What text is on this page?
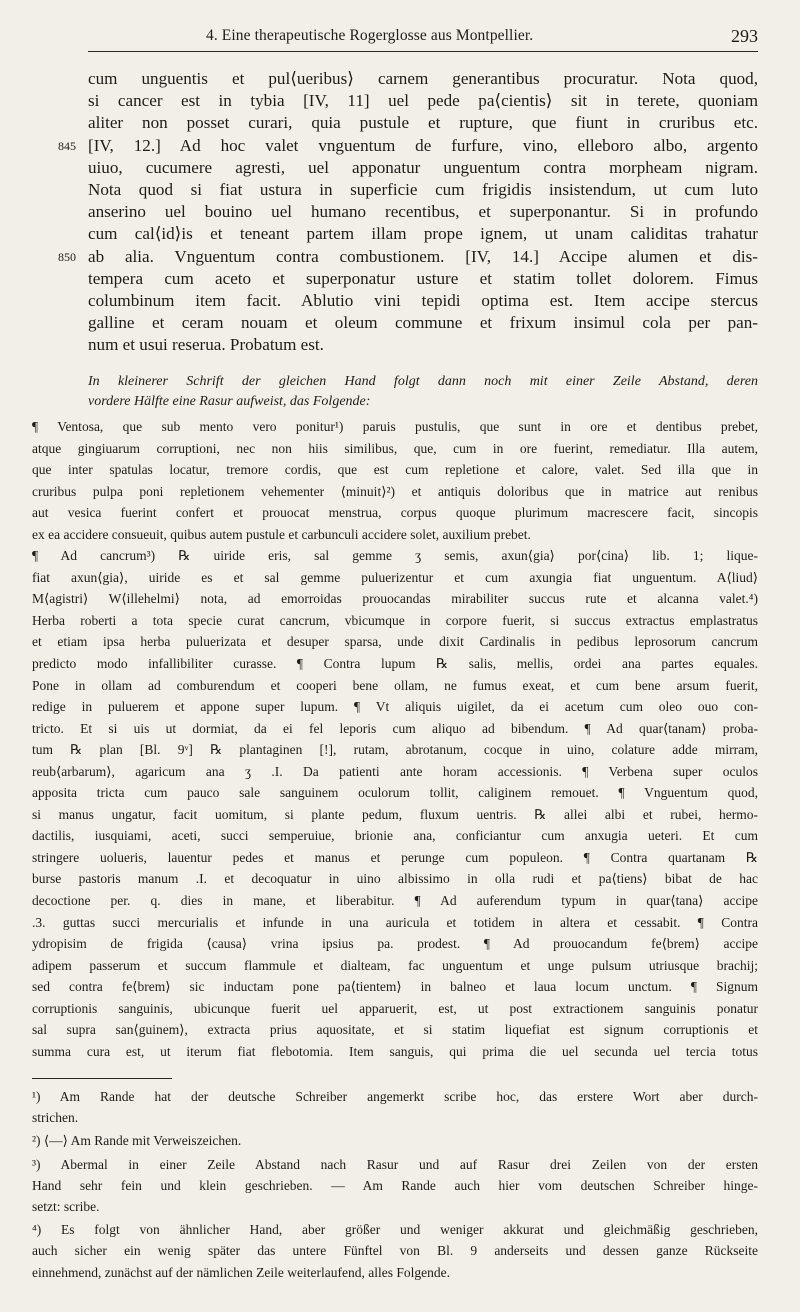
4. Eine therapeutische Rogerglosse aus Montpellier.	293
cum unguentis et pul⟨ueribus⟩ carnem generantibus procuratur. Nota quod,
si cancer est in tybia [IV, 11] uel pede pa⟨cientis⟩ sit in terete, quoniam
aliter non posset curari, quia pustule et rupture, que fiunt in cruribus etc.
[IV, 12.] Ad hoc valet vnguentum de furfure, vino, elleboro albo, argento
845
uiuo, cucumere agresti, uel apponatur unguentum contra morpheam nigram.
Nota quod si fiat ustura in superficie cum frigidis insistendum, ut cum luto
anserino uel bouino uel humano recentibus, et superponantur. Si in profundo
cum cal⟨id⟩is et teneant partem illam prope ignem, ut unam caliditas trahatur
ab alia. Vnguentum contra combustionem. [IV, 14.] Accipe alumen et dis-
850
tempera cum aceto et superponatur usture et statim tollet dolorem. Fimus
columbinum item facit. Ablutio vini tepidi optima est. Item accipe stercus
galline et ceram nouam et oleum commune et frixum insimul cola per pan-
num et usui reserua. Probatum est.
In kleinerer Schrift der gleichen Hand folgt dann noch mit einer Zeile Abstand, deren
vordere Hälfte eine Rasur aufweist, das Folgende:
¶ Ventosa, que sub mento vero ponitur¹) paruis pustulis, que sunt in ore et dentibus prebet,
atque gingiuarum corruptioni, nec non hiis similibus, que, cum in ore fuerint, remediatur. Illa autem,
que inter spatulas locatur, tremore cordis, que est cum repletione et calore, valet. Sed illa que in
cruribus pulpa poni repletionem vehementer ⟨minuit⟩²) et antiquis doloribus que in matrice aut renibus
aut vesica fuerint confert et prouocat menstrua, corpus quoque plurimum macrescere facit, sincopis
ex ea accidere consueuit, quibus autem pustule et carbunculi accidere solet, auxilium prebet.
¶ Ad cancrum³) ℞ uiride eris, sal gemme ʒ semis, axun⟨gia⟩ por⟨cina⟩ lib. 1; lique-
fiat axun⟨gia⟩, uiride es et sal gemme puluerizentur et cum axungia fiat unguentum. A⟨liud⟩
M⟨agistri⟩ W⟨illehelmi⟩ nota, ad emorroidas prouocandas mirabiliter succus rute et alcanna valet.⁴)
Herba roberti a tota specie curat cancrum, vbicumque in corpore fuerit, si succus extractus emplastratus
et etiam ipsa herba puluerizata et desuper sparsa, unde dixit Cardinalis in pedibus leprosorum cancrum
predicto modo infallibiliter curasse. ¶ Contra lupum ℞ salis, mellis, ordei ana partes equales.
Pone in ollam ad comburendum et cooperi bene ollam, ne fumus exeat, et cum bene arsum fuerit,
redige in puluerem et appone super lupum. ¶ Vt aliquis uigilet, da ei acetum cum oleo ouo con-
tricto. Et si uis ut dormiat, da ei fel leporis cum aliquo ad bibendum. ¶ Ad quar⟨tanam⟩ proba-
tum ℞ plan [Bl. 9ᵛ] ℞ plantaginen [!], rutam, abrotanum, cocque in uino, colature adde mirram,
reub⟨arbarum⟩, agaricum ana ʒ .I. Da patienti ante horam accessionis. ¶ Verbena super oculos
apposita tricta cum pauco sale sanguinem oculorum tollit, caliginem remouet. ¶ Vnguentum quod,
si manus ungatur, facit uomitum, si plante pedum, fluxum uentris. ℞ allei albi et rubei, hermo-
dactilis, iusquiami, aceti, succi semperuiue, brionie ana, conficiantur cum anxugia ueteri. Et cum
stringere uolueris, lauentur pedes et manus et perunge cum populeon. ¶ Contra quartanam ℞
burse pastoris manum .I. et decoquatur in uino albissimo in olla rudi et pa⟨tiens⟩ bibat de hac
decoctione per. q. dies in mane, et liberabitur. ¶ Ad auferendum typum in quar⟨tana⟩ accipe
.3. guttas succi mercurialis et infunde in una auricula et totidem in altera et cessabit. ¶ Contra
ydropisim de frigida ⟨causa⟩ vrina ipsius pa. prodest. ¶ Ad prouocandum fe⟨brem⟩ accipe
adipem passerum et succum flammule et dialteam, fac unguentum et unge pulsum utriusque brachij;
sed contra fe⟨brem⟩ sic inductam pone pa⟨tientem⟩ in balneo et laua locum unctum. ¶ Signum
corruptionis sanguinis, ubicunque fuerit uel apparuerit, est, ut post extractionem sanguinis ponatur
sal supra san⟨guinem⟩, extracta prius aquositate, et si statim liquefiat est signum corruptionis et
summa cura est, ut iterum fiat flebotomia. Item sanguis, qui prima die uel secunda uel tercia totus
¹) Am Rande hat der deutsche Schreiber angemerkt scribe hoc, das erstere Wort aber durch-
strichen.
²) ⟨—⟩ Am Rande mit Verweiszeichen.
³) Abermal in einer Zeile Abstand nach Rasur und auf Rasur drei Zeilen von der ersten
Hand sehr fein und klein geschrieben. — Am Rande auch hier vom deutschen Schreiber hinge-
setzt: scribe.
⁴) Es folgt von ähnlicher Hand, aber größer und weniger akkurat und gleichmäßig geschrieben,
auch sicher ein wenig später das untere Fünftel von Bl. 9 anderseits und dessen ganze Rückseite
einnehmend, zunächst auf der nämlichen Zeile weiterlaufend, alles Folgende.
